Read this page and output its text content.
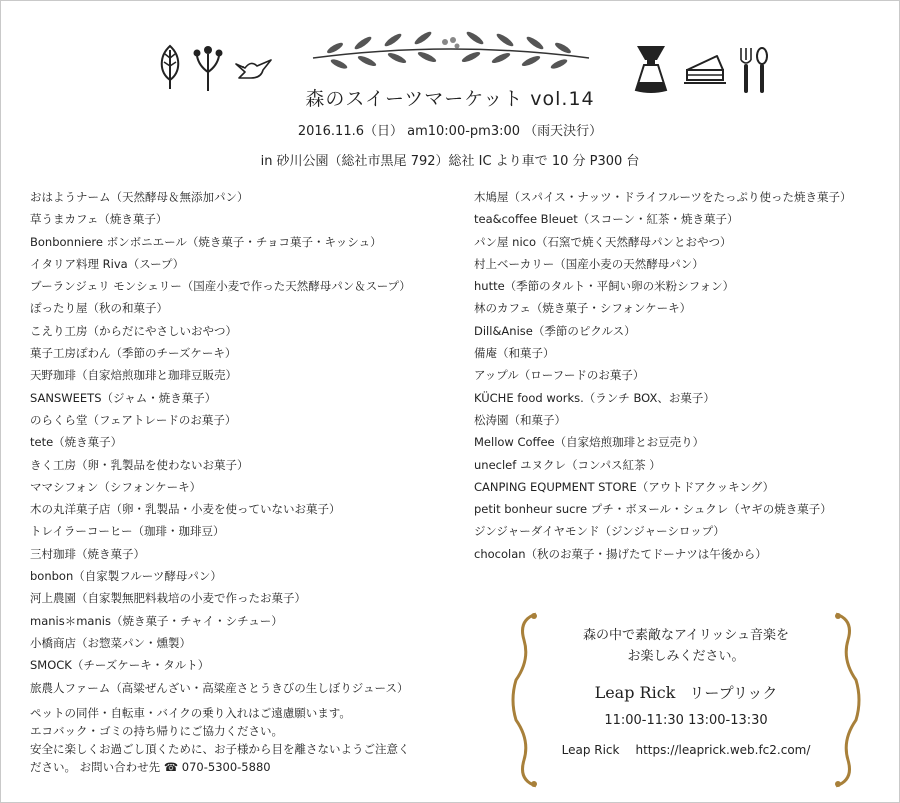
森のスイーツマーケット vol.14
2016.11.6（日） am10:00-pm3:00 （雨天決行）
in 砂川公園（総社市黒尾 792）総社 IC より車で 10 分 P300 台
おはようナーム（天然酵母＆無添加パン）
草うまカフェ（焼き菓子）
Bonbonniere ボンボニエール（焼き菓子・チョコ菓子・キッシュ）
イタリア料理 Riva（スープ）
ブーランジェリ モンシェリー（国産小麦で作った天然酵母パン＆スープ）
ぽったり屋（秋の和菓子）
こえり工房（からだにやさしいおやつ）
菓子工房ぽわん（季節のチーズケーキ）
天野珈琲（自家焙煎珈琲と珈琲豆販売）
SANSWEETS（ジャム・焼き菓子）
のらくら堂（フェアトレードのお菓子）
tete（焼き菓子）
きく工房（卵・乳製品を使わないお菓子）
ママシフォン（シフォンケーキ）
木の丸洋菓子店（卵・乳製品・小麦を使っていないお菓子）
トレイラーコーヒー（珈琲・珈琲豆）
三村珈琲（焼き菓子）
bonbon（自家製フルーツ酵母パン）
河上農園（自家製無肥料栽培の小麦で作ったお菓子）
manis＊manis（焼き菓子・チャイ・シチュー）
小橋商店（お惣菜パン・燻製）
SMOCK（チーズケーキ・タルト）
旅農人ファーム（高粱ぜんざい・高粱産さとうきびの生しぼりジュース）
木鳩屋（スパイス・ナッツ・ドライフルーツをたっぷり使った焼き菓子）
tea&coffee Bleuet（スコーン・紅茶・焼き菓子）
パン屋 nico（石窯で焼く天然酵母パンとおやつ）
村上ベーカリー（国産小麦の天然酵母パン）
hutte（季節のタルト・平飼い卵の米粉シフォン）
林のカフェ（焼き菓子・シフォンケーキ）
Dill&Anise（季節のピクルス）
備庵（和菓子）
アップル（ローフードのお菓子）
KÜCHE food works.（ランチ BOX、お菓子）
松涛園（和菓子）
Mellow Coffee（自家焙煎珈琲とお豆売り）
uneclef ユヌクレ（コンパス紅茶 ）
CANPING EQUPMENT STORE（アウトドアクッキング）
petit bonheur sucre プチ・ボヌール・シュクレ（ヤギの焼き菓子）
ジンジャーダイヤモンド（ジンジャーシロップ）
chocolan（秋のお菓子・揚げたてドーナツは午後から）
ペットの同伴・自転車・バイクの乗り入れはご遠慮願います。
エコバック・ゴミの持ち帰りにご協力ください。
安全に楽しくお過ごし頂くために、お子様から目を離さないようご注意く
ださい。 お問い合わせ先 ☎ 070-5300-5880
森の中で素敵なアイリッシュ音楽を
お楽しみください。
Leap Rick リープリック
11:00-11:30 13:00-13:30
Leap Rick https://leaprick.web.fc2.com/
